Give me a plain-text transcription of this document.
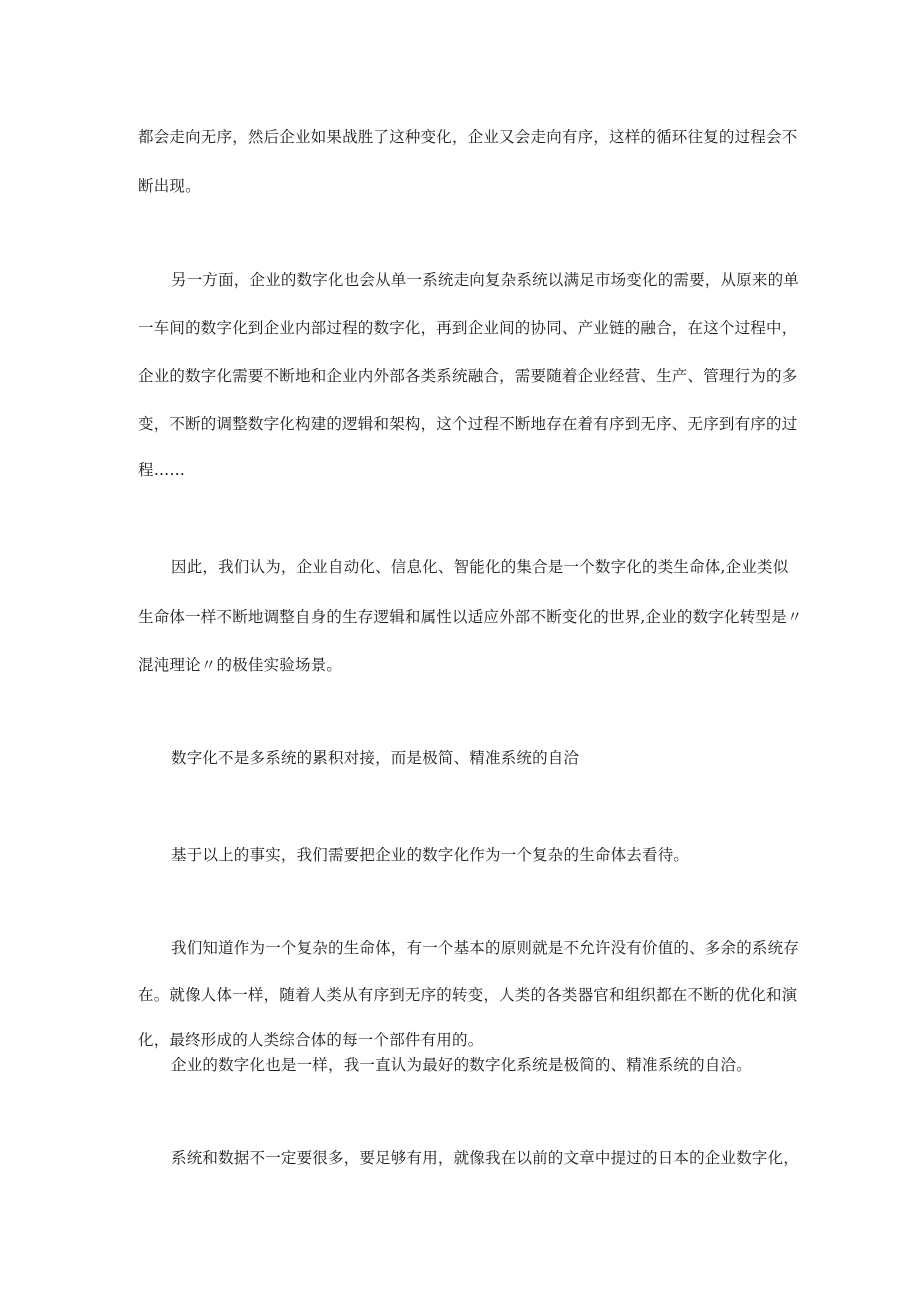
都会走向无序，然后企业如果战胜了这种变化，企业又会走向有序，这样的循环往复的过程会不
断出现。
另一方面，企业的数字化也会从单一系统走向复杂系统以满足市场变化的需要，从原来的单
一车间的数字化到企业内部过程的数字化，再到企业间的协同、产业链的融合，在这个过程中，
企业的数字化需要不断地和企业内外部各类系统融合，需要随着企业经营、生产、管理行为的多
变，不断的调整数字化构建的逻辑和架构，这个过程不断地存在着有序到无序、无序到有序的过
程……
因此，我们认为，企业自动化、信息化、智能化的集合是一个数字化的类生命体,企业类似
生命体一样不断地调整自身的生存逻辑和属性以适应外部不断变化的世界,企业的数字化转型是〃
混沌理论〃的极佳实验场景。
数字化不是多系统的累积对接，而是极简、精准系统的自洽
基于以上的事实，我们需要把企业的数字化作为一个复杂的生命体去看待。
我们知道作为一个复杂的生命体，有一个基本的原则就是不允许没有价值的、多余的系统存
在。就像人体一样，随着人类从有序到无序的转变，人类的各类器官和组织都在不断的优化和演
化，最终形成的人类综合体的每一个部件有用的。
企业的数字化也是一样，我一直认为最好的数字化系统是极简的、精准系统的自洽。
系统和数据不一定要很多，要足够有用，就像我在以前的文章中提过的日本的企业数字化，
